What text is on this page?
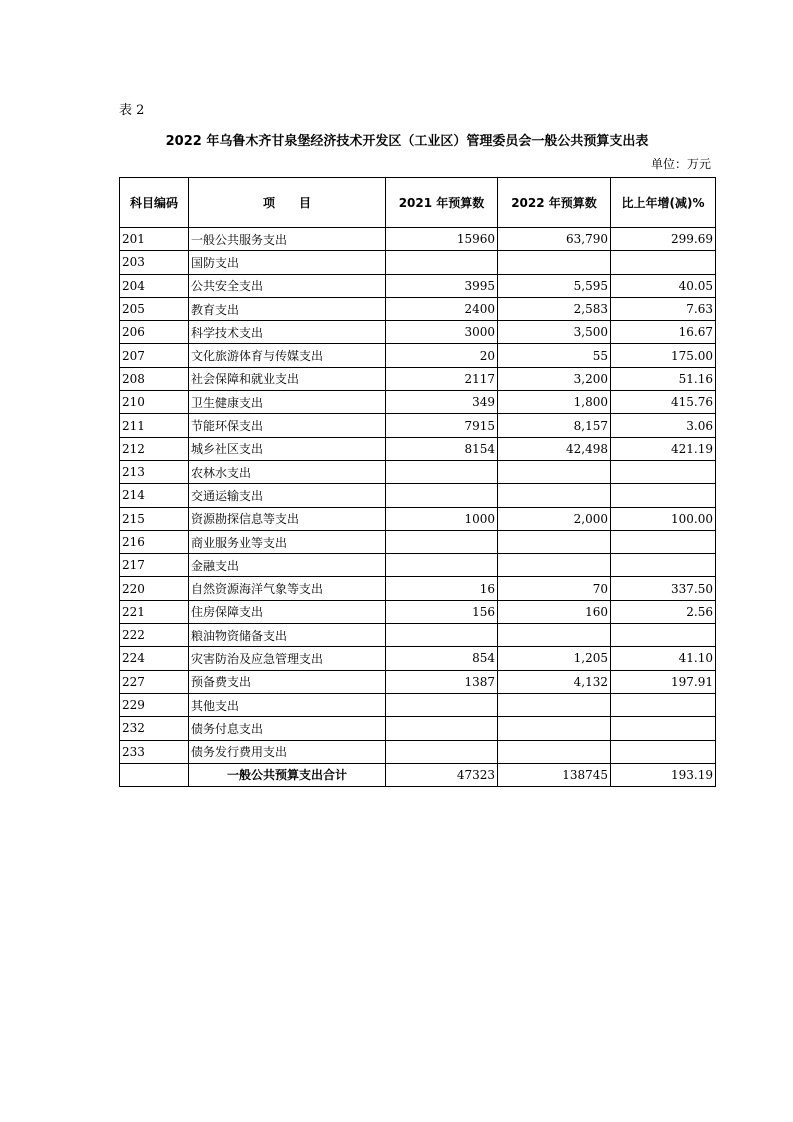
表 2
2022 年乌鲁木齐甘泉堡经济技术开发区（工业区）管理委员会一般公共预算支出表
单位：万元
科目编码	项　　目	2021 年预算数	2022 年预算数	比上年增(减)%
201	一般公共服务支出	15960	63,790	299.69
203	国防支出			
204	公共安全支出	3995	5,595	40.05
205	教育支出	2400	2,583	7.63
206	科学技术支出	3000	3,500	16.67
207	文化旅游体育与传媒支出	20	55	175.00
208	社会保障和就业支出	2117	3,200	51.16
210	卫生健康支出	349	1,800	415.76
211	节能环保支出	7915	8,157	3.06
212	城乡社区支出	8154	42,498	421.19
213	农林水支出			
214	交通运输支出			
215	资源勘探信息等支出	1000	2,000	100.00
216	商业服务业等支出			
217	金融支出			
220	自然资源海洋气象等支出	16	70	337.50
221	住房保障支出	156	160	2.56
222	粮油物资储备支出			
224	灾害防治及应急管理支出	854	1,205	41.10
227	预备费支出	1387	4,132	197.91
229	其他支出			
232	债务付息支出			
233	债务发行费用支出			
	一般公共预算支出合计	47323	138745	193.19
